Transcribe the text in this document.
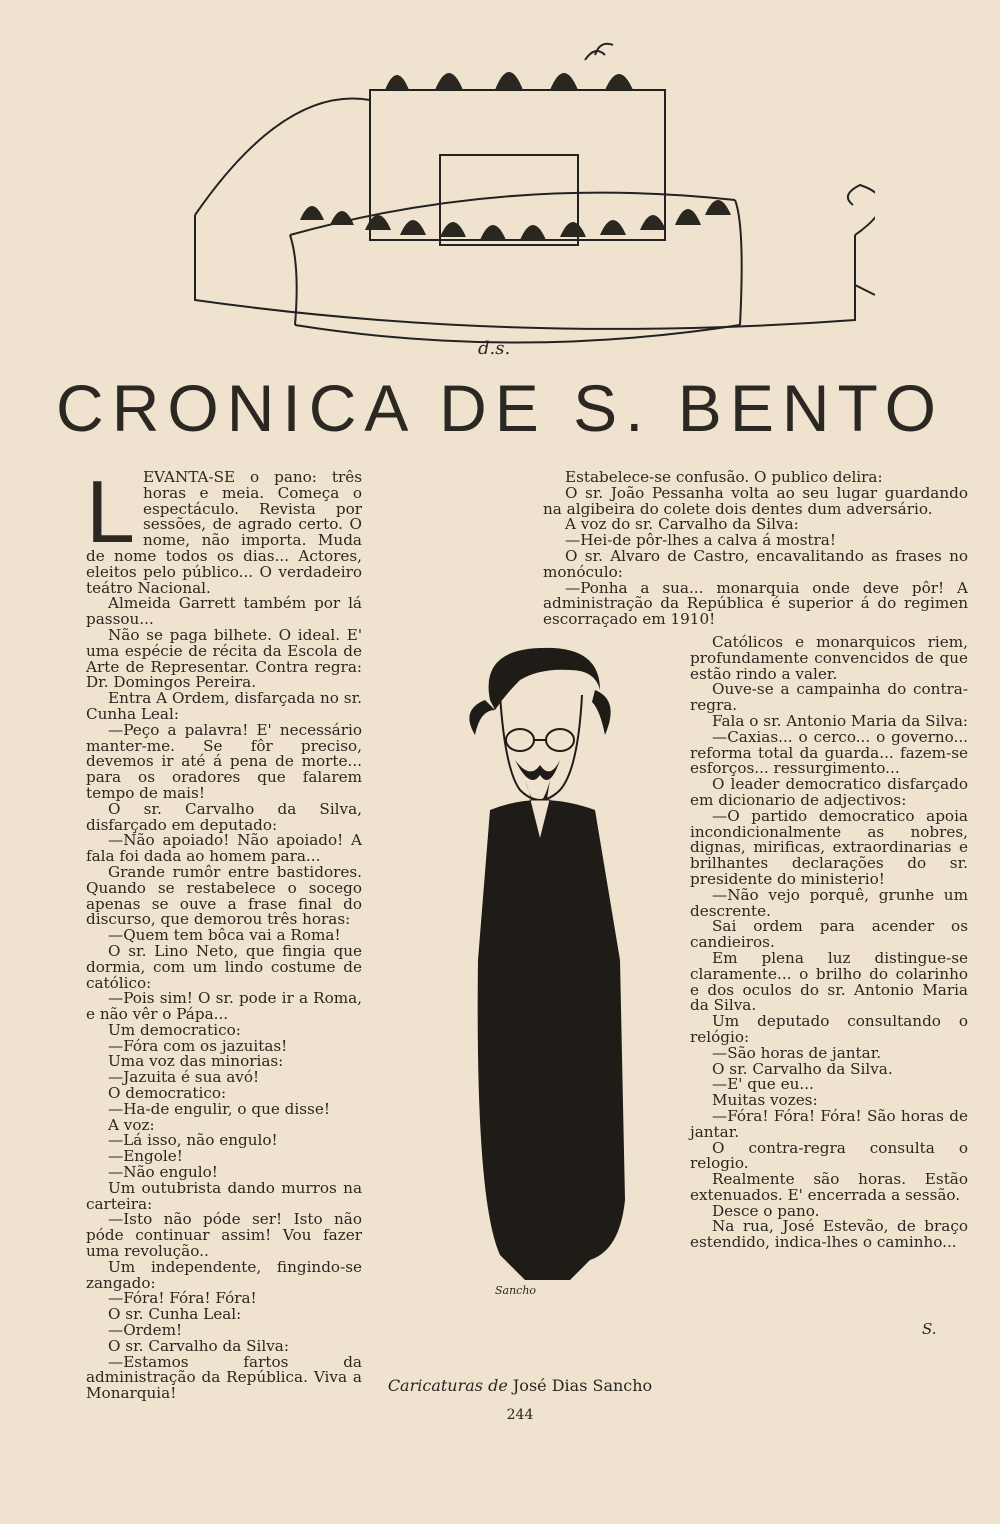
d.s.
CRONICA DE S. BENTO
L EVANTA-SE o pano: três horas e meia. Começa o espectáculo. Revista por sessões, de agrado certo. O nome, não importa. Muda de nome todos os dias... Actores, eleitos pelo público... O verdadeiro teátro Nacional.

Almeida Garrett também por lá passou...

Não se paga bilhete. O ideal. E' uma espécie de récita da Escola de Arte de Representar. Contra regra: Dr. Domingos Pereira.

Entra A Ordem, disfarçada no sr. Cunha Leal:

—Peço a palavra! E' necessário manter-me. Se fôr preciso, devemos ir até á pena de morte... para os oradores que falarem tempo de mais!

O sr. Carvalho da Silva, disfarçado em deputado:

—Não apoiado! Não apoiado! A fala foi dada ao homem para...

Grande rumôr entre bastidores. Quando se restabelece o socego apenas se ouve a frase final do discurso, que demorou três horas:

—Quem tem bôca vai a Roma!

O sr. Lino Neto, que fingia que dormia, com um lindo costume de católico:

—Pois sim! O sr. pode ir a Roma, e não vêr o Pápa...

Um democratico:

—Fóra com os jazuitas!

Uma voz das minorias:

—Jazuita é sua avó!

O democratico:

—Ha-de engulir, o que disse!

A voz:

—Lá isso, não engulo!

—Engole!

—Não engulo!

Um outubrista dando murros na carteira:

—Isto não póde ser! Isto não póde continuar assim! Vou fazer uma revolução..

Um independente, fingindo-se zangado:

—Fóra! Fóra! Fóra!

O sr. Cunha Leal:

—Ordem!

O sr. Carvalho da Silva:

—Estamos fartos da administração da República. Viva a Monarquia!

Estabelece-se confusão. O publico delira:

O sr. João Pessanha volta ao seu lugar guardando na algibeira do colete dois dentes dum adversário.

A voz do sr. Carvalho da Silva:

—Hei-de pôr-lhes a calva á mostra!

O sr. Alvaro de Castro, encavalitando as frases no monóculo:

—Ponha a sua... monarquia onde deve pôr! A administração da República é superior á do regimen escorraçado em 1910!

Católicos e monarquicos riem, profundamente convencidos de que estão rindo a valer.

Ouve-se a campainha do contra-regra.

Fala o sr. Antonio Maria da Silva:

—Caxias... o cerco... o governo... reforma total da guarda... fazem-se esforços... ressurgimento...

O leader democratico disfarçado em dicionario de adjectivos:

—O partido democratico apoia incondicionalmente as nobres, dignas, mirificas, extraordinarias e brilhantes declarações do sr. presidente do ministerio!

—Não vejo porquê, grunhe um descrente.

Sai ordem para acender os candieiros.

Em plena luz distingue-se claramente... o brilho do colarinho e dos oculos do sr. Antonio Maria da Silva.

Um deputado consultando o relógio:

—São horas de jantar.

O sr. Carvalho da Silva.

—E' que eu...

Muitas vozes:

—Fóra! Fóra! Fóra! São horas de jantar.

O contra-regra consulta o relogio.

Realmente são horas. Estão extenuados. E' encerrada a sessão.

Desce o pano.

Na rua, José Estevão, de braço estendido, indica-lhes o caminho...

Sancho
S.
Caricaturas de José Dias Sancho
244
